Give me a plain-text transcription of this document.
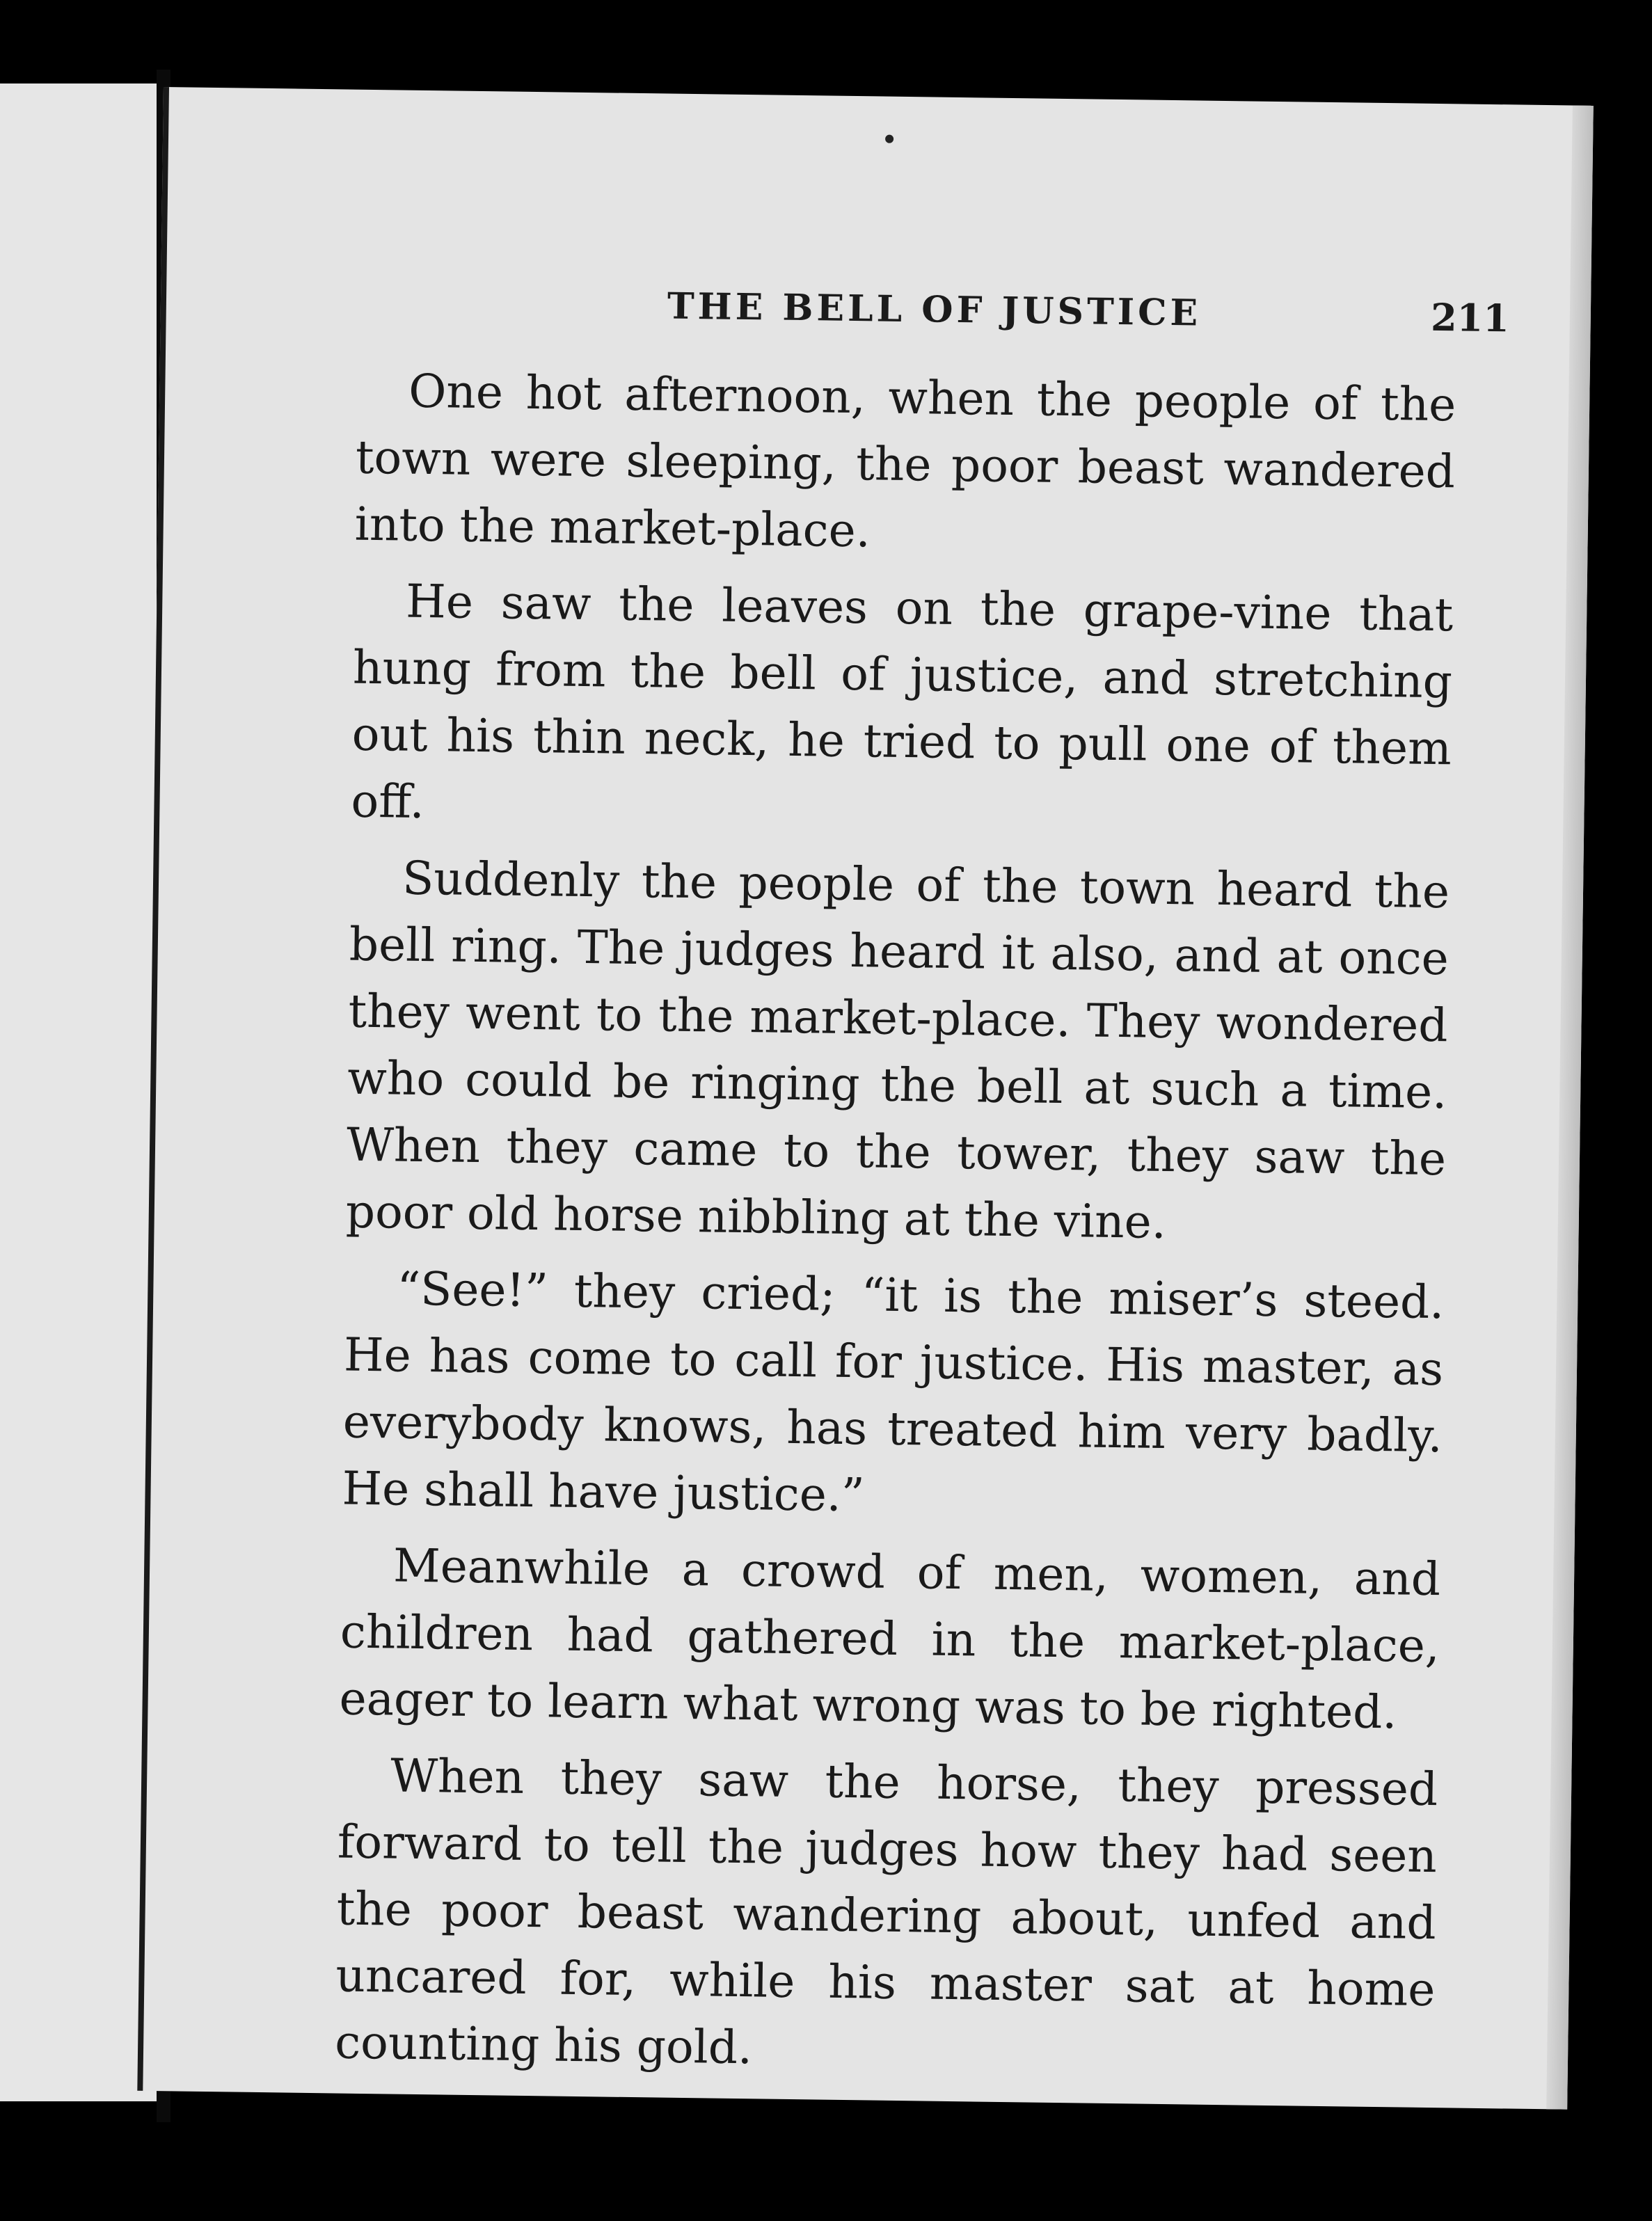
THE BELL OF JUSTICE	211

One hot afternoon, when the people of the town were sleeping, the poor beast wandered into the market-place.

He saw the leaves on the grape-vine that hung from the bell of justice, and stretching out his thin neck, he tried to pull one of them off.

Suddenly the people of the town heard the bell ring. The judges heard it also, and at once they went to the market-place. They wondered who could be ringing the bell at such a time. When they came to the tower, they saw the poor old horse nibbling at the vine.

“See!” they cried; “it is the miser’s steed. He has come to call for justice. His master, as everybody knows, has treated him very badly. He shall have justice.”

Meanwhile a crowd of men, women, and children had gathered in the market-place, eager to learn what wrong was to be righted.

When they saw the horse, they pressed forward to tell the judges how they had seen the poor beast wandering about, unfed and uncared for, while his master sat at home counting his gold.
